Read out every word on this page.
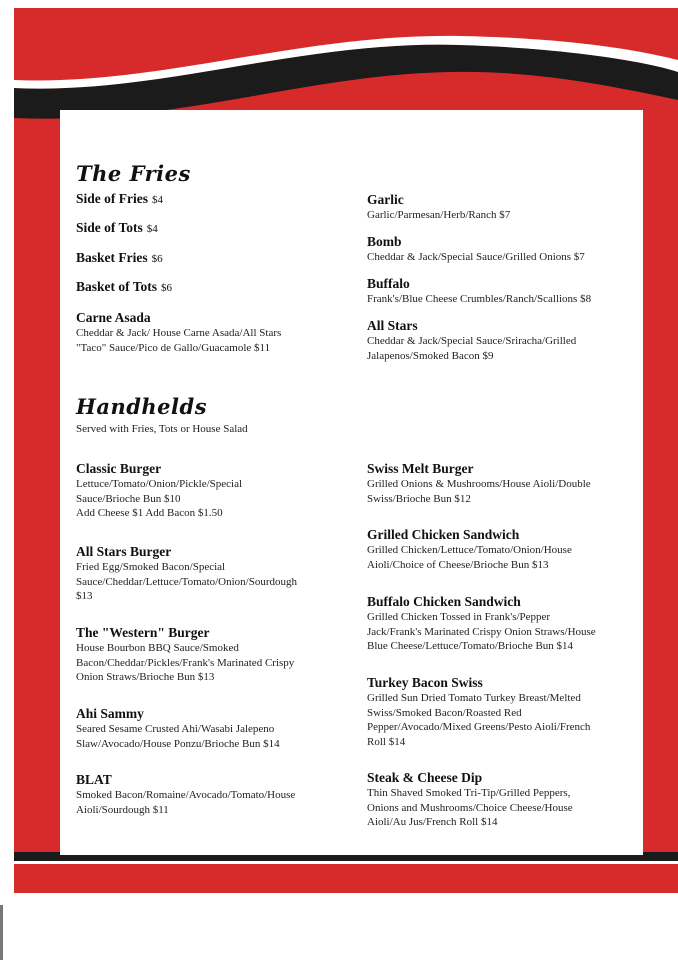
The Fries
Side of Fries $4
Side of Tots $4
Basket Fries $6
Basket of Tots $6
Carne Asada
Cheddar & Jack/ House Carne Asada/All Stars
"Taco" Sauce/Pico de Gallo/Guacamole $11
Garlic
Garlic/Parmesan/Herb/Ranch $7
Bomb
Cheddar & Jack/Special Sauce/Grilled Onions $7
Buffalo
Frank's/Blue Cheese Crumbles/Ranch/Scallions $8
All Stars
Cheddar & Jack/Special Sauce/Sriracha/Grilled
Jalapenos/Smoked Bacon $9
Handhelds
Served with Fries, Tots or House Salad
Classic Burger
Lettuce/Tomato/Onion/Pickle/Special
Sauce/Brioche Bun $10
Add Cheese $1 Add Bacon $1.50
All Stars Burger
Fried Egg/Smoked Bacon/Special
Sauce/Cheddar/Lettuce/Tomato/Onion/Sourdough
$13
The "Western" Burger
House Bourbon BBQ Sauce/Smoked
Bacon/Cheddar/Pickles/Frank's Marinated Crispy
Onion Straws/Brioche Bun $13
Ahi Sammy
Seared Sesame Crusted Ahi/Wasabi Jalepeno
Slaw/Avocado/House Ponzu/Brioche Bun $14
BLAT
Smoked Bacon/Romaine/Avocado/Tomato/House
Aioli/Sourdough $11
Swiss Melt Burger
Grilled Onions & Mushrooms/House Aioli/Double
Swiss/Brioche Bun $12
Grilled Chicken Sandwich
Grilled Chicken/Lettuce/Tomato/Onion/House
Aioli/Choice of Cheese/Brioche Bun $13
Buffalo Chicken Sandwich
Grilled Chicken Tossed in Frank's/Pepper
Jack/Frank's Marinated Crispy Onion Straws/House
Blue Cheese/Lettuce/Tomato/Brioche Bun $14
Turkey Bacon Swiss
Grilled Sun Dried Tomato Turkey Breast/Melted
Swiss/Smoked Bacon/Roasted Red
Pepper/Avocado/Mixed Greens/Pesto Aioli/French
Roll $14
Steak & Cheese Dip
Thin Shaved Smoked Tri-Tip/Grilled Peppers,
Onions and Mushrooms/Choice Cheese/House
Aioli/Au Jus/French Roll $14
